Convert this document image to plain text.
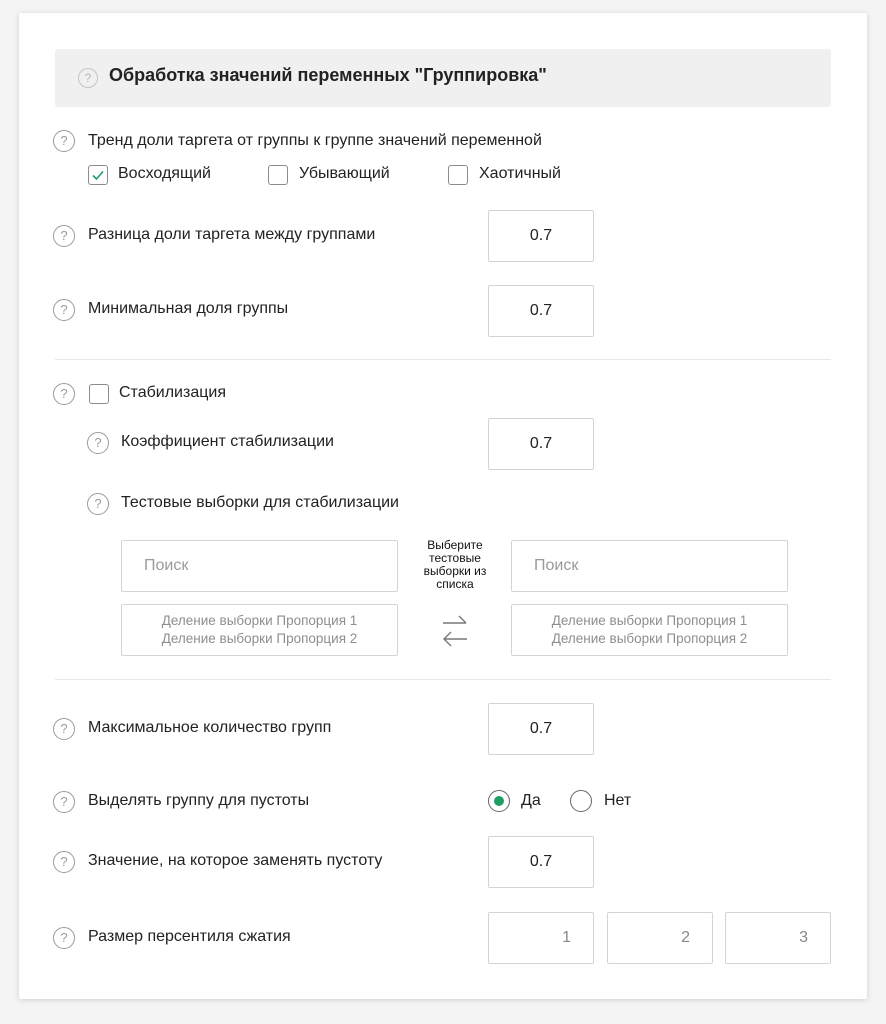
? Обработка значений переменных "Группировка"
?	Тренд доли таргета от группы к группе значений переменной
Восходящий	Убывающий	Хаотичный
?	Разница доли таргета между группами	0.7
?	Минимальная доля группы	0.7
?	Стабилизация
?	Коэффициент стабилизации	0.7
?	Тестовые выборки для стабилизации
Поиск
Выберите тестовые выборки из списка
Поиск
Деление выборки Пропорция 1
Деление выборки Пропорция 2
Деление выборки Пропорция 1
Деление выборки Пропорция 2
?	Максимальное количество групп	0.7
?	Выделять группу для пустоты	Да	Нет
?	Значение, на которое заменять пустоту	0.7
?	Размер персентиля сжатия	1	2	3
